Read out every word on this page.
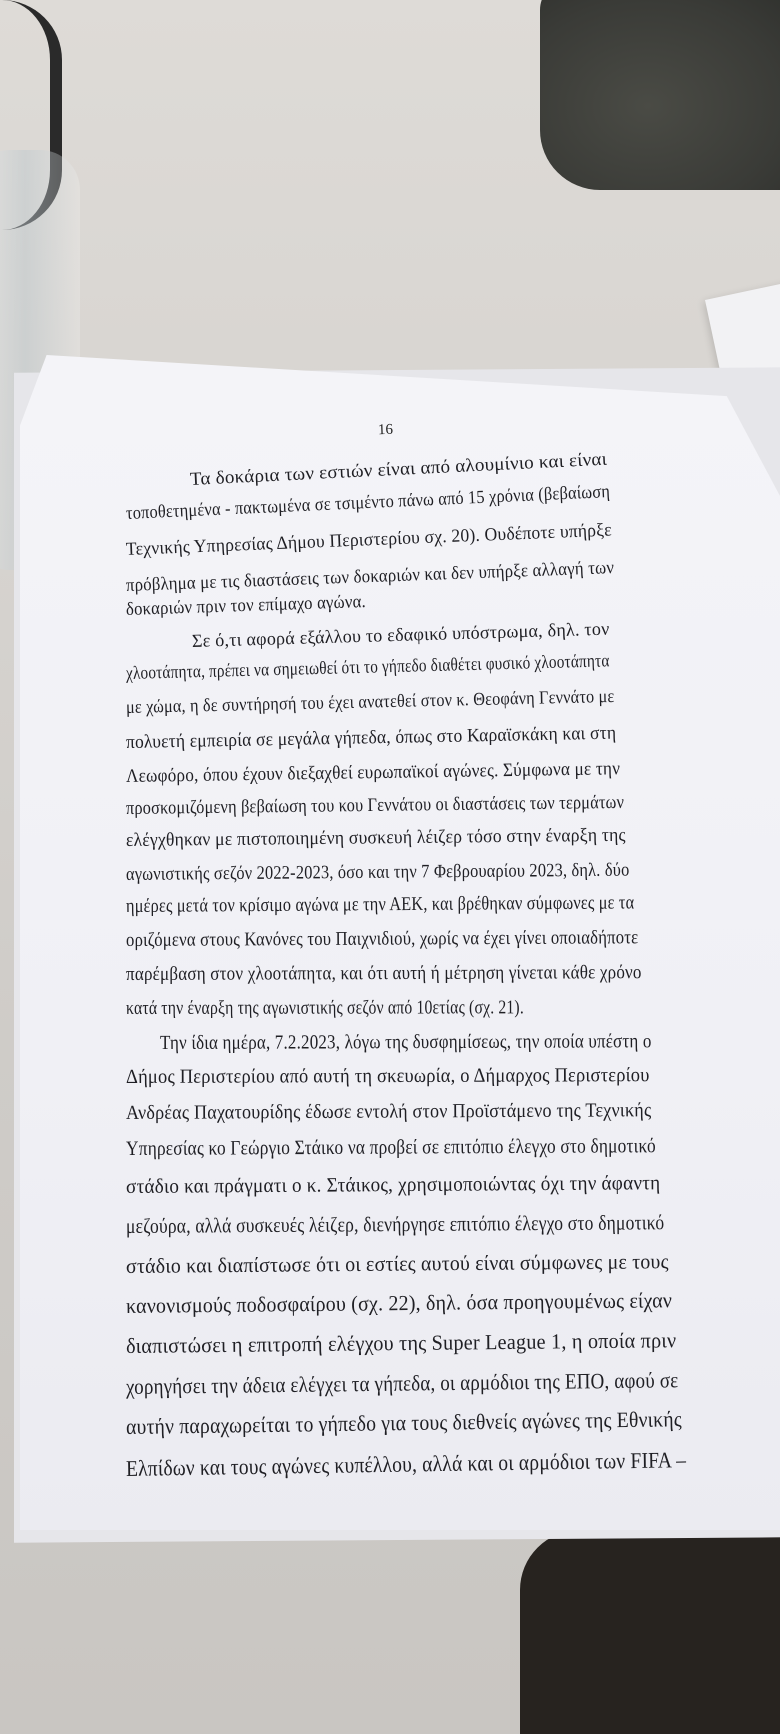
16
Τα δοκάρια των εστιών είναι από αλουμίνιο και είναι
τοποθετημένα - πακτωμένα σε τσιμέντο πάνω από 15 χρόνια (βεβαίωση
Τεχνικής Υπηρεσίας Δήμου Περιστερίου σχ. 20). Ουδέποτε υπήρξε
πρόβλημα με τις διαστάσεις των δοκαριών και δεν υπήρξε αλλαγή των
δοκαριών πριν τον επίμαχο αγώνα.
Σε ό,τι αφορά εξάλλου το εδαφικό υπόστρωμα, δηλ. τον
χλοοτάπητα, πρέπει να σημειωθεί ότι το γήπεδο διαθέτει φυσικό χλοοτάπητα
με χώμα, η δε συντήρησή του έχει ανατεθεί στον κ. Θεοφάνη Γεννάτο με
πολυετή εμπειρία σε μεγάλα γήπεδα, όπως στο Καραϊσκάκη και στη
Λεωφόρο, όπου έχουν διεξαχθεί ευρωπαϊκοί αγώνες. Σύμφωνα με την
προσκομιζόμενη βεβαίωση του κου Γεννάτου οι διαστάσεις των τερμάτων
ελέγχθηκαν με πιστοποιημένη συσκευή λέιζερ τόσο στην έναρξη της
αγωνιστικής σεζόν 2022-2023, όσο και την 7 Φεβρουαρίου 2023, δηλ. δύο
ημέρες μετά τον κρίσιμο αγώνα με την ΑΕΚ, και βρέθηκαν σύμφωνες με τα
οριζόμενα στους Κανόνες του Παιχνιδιού, χωρίς να έχει γίνει οποιαδήποτε
παρέμβαση στον χλοοτάπητα, και ότι αυτή ή μέτρηση γίνεται κάθε χρόνο
κατά την έναρξη της αγωνιστικής σεζόν από 10ετίας (σχ. 21).
Την ίδια ημέρα, 7.2.2023, λόγω της δυσφημίσεως, την οποία υπέστη ο
Δήμος Περιστερίου από αυτή τη σκευωρία, ο Δήμαρχος Περιστερίου
Ανδρέας Παχατουρίδης έδωσε εντολή στον Προϊστάμενο της Τεχνικής
Υπηρεσίας κο Γεώργιο Στάικο να προβεί σε επιτόπιο έλεγχο στο δημοτικό
στάδιο και πράγματι ο κ. Στάικος, χρησιμοποιώντας όχι την άφαντη
μεζούρα, αλλά συσκευές λέιζερ, διενήργησε επιτόπιο έλεγχο στο δημοτικό
στάδιο και διαπίστωσε ότι οι εστίες αυτού είναι σύμφωνες με τους
κανονισμούς ποδοσφαίρου (σχ. 22), δηλ. όσα προηγουμένως είχαν
διαπιστώσει η επιτροπή ελέγχου της Super League 1, η οποία πριν
χορηγήσει την άδεια ελέγχει τα γήπεδα, οι αρμόδιοι της ΕΠΟ, αφού σε
αυτήν παραχωρείται το γήπεδο για τους διεθνείς αγώνες της Εθνικής
Ελπίδων και τους αγώνες κυπέλλου, αλλά και οι αρμόδιοι των FIFA –
